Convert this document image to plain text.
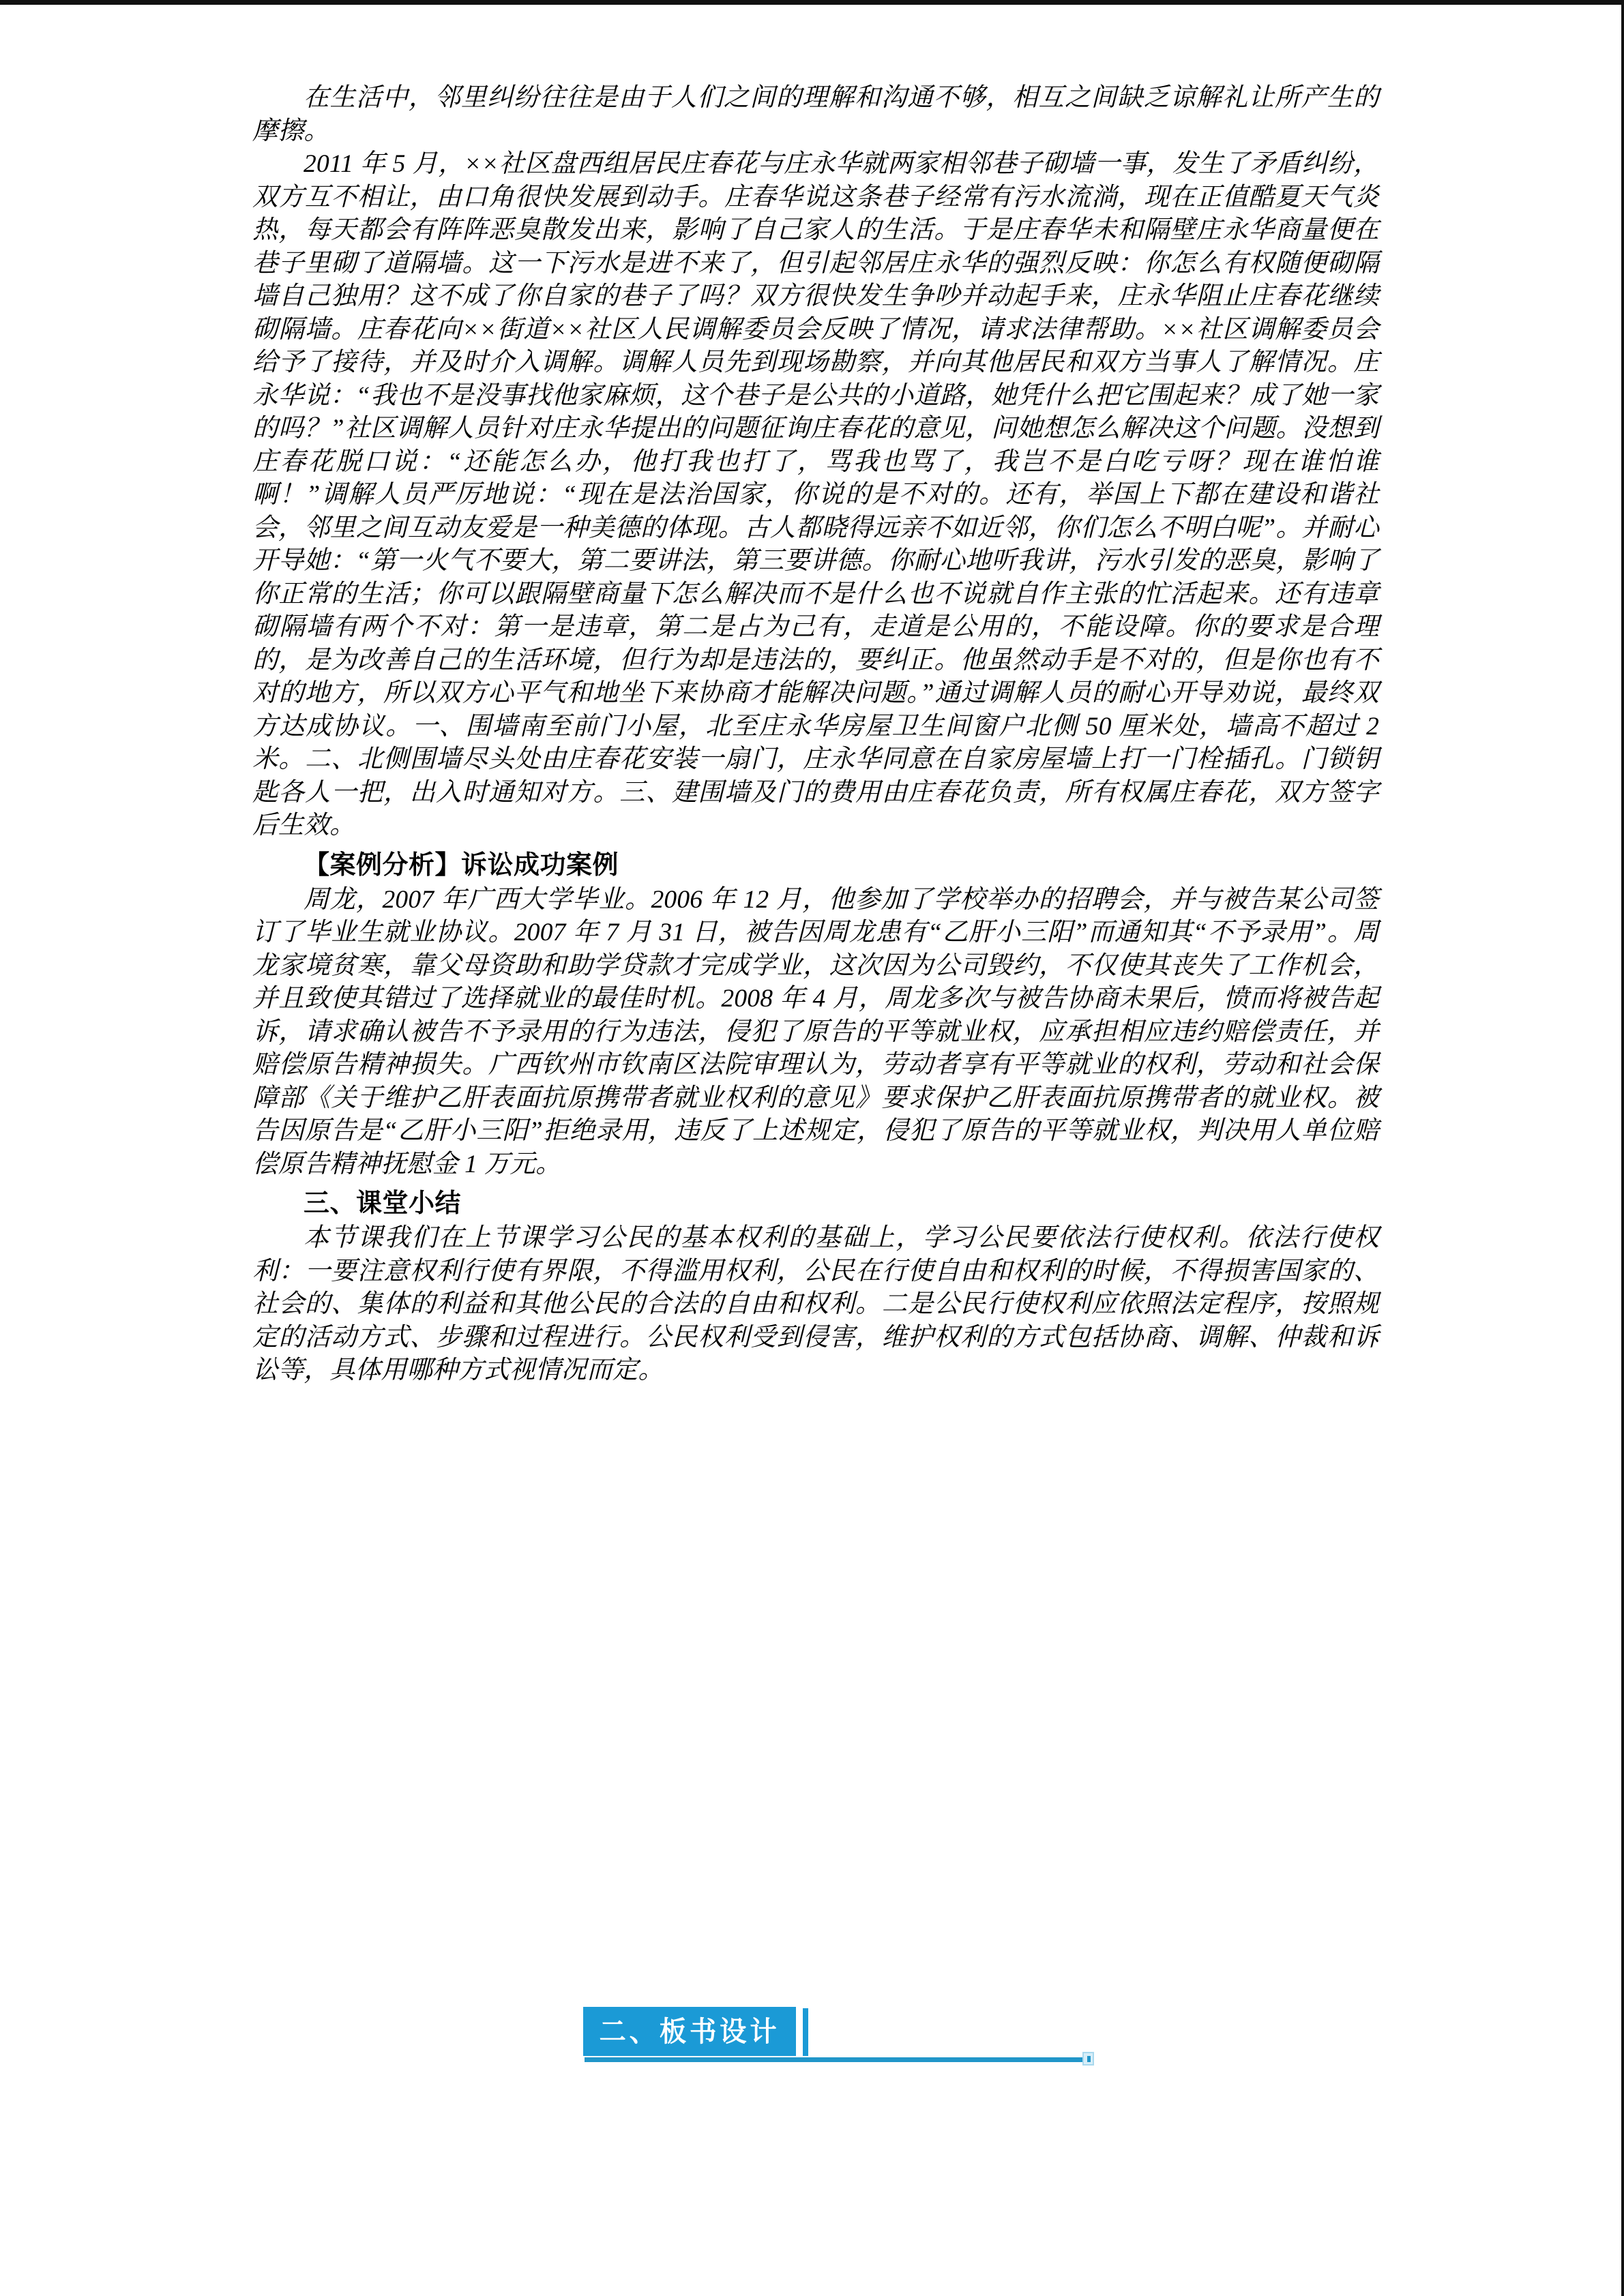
在生活中，邻里纠纷往往是由于人们之间的理解和沟通不够，相互之间缺乏谅解礼让所产生的摩擦。

2011 年 5 月，××社区盘西组居民庄春花与庄永华就两家相邻巷子砌墙一事，发生了矛盾纠纷，双方互不相让，由口角很快发展到动手。庄春华说这条巷子经常有污水流淌，现在正值酷夏天气炎热，每天都会有阵阵恶臭散发出来，影响了自己家人的生活。于是庄春华未和隔壁庄永华商量便在巷子里砌了道隔墙。这一下污水是进不来了，但引起邻居庄永华的强烈反映：你怎么有权随便砌隔墙自己独用？这不成了你自家的巷子了吗？双方很快发生争吵并动起手来，庄永华阻止庄春花继续砌隔墙。庄春花向××街道××社区人民调解委员会反映了情况，请求法律帮助。××社区调解委员会给予了接待，并及时介入调解。调解人员先到现场勘察，并向其他居民和双方当事人了解情况。庄永华说：“我也不是没事找他家麻烦，这个巷子是公共的小道路，她凭什么把它围起来？成了她一家的吗？”社区调解人员针对庄永华提出的问题征询庄春花的意见，问她想怎么解决这个问题。没想到庄春花脱口说：“还能怎么办，他打我也打了，骂我也骂了，我岂不是白吃亏呀？现在谁怕谁啊！”调解人员严厉地说：“现在是法治国家，你说的是不对的。还有，举国上下都在建设和谐社会，邻里之间互动友爱是一种美德的体现。古人都晓得远亲不如近邻，你们怎么不明白呢”。并耐心开导她：“第一火气不要大，第二要讲法，第三要讲德。你耐心地听我讲，污水引发的恶臭，影响了你正常的生活；你可以跟隔壁商量下怎么解决而不是什么也不说就自作主张的忙活起来。还有违章砌隔墙有两个不对：第一是违章，第二是占为己有，走道是公用的，不能设障。你的要求是合理的，是为改善自己的生活环境，但行为却是违法的，要纠正。他虽然动手是不对的，但是你也有不对的地方，所以双方心平气和地坐下来协商才能解决问题。”通过调解人员的耐心开导劝说，最终双方达成协议。一、围墙南至前门小屋，北至庄永华房屋卫生间窗户北侧 50 厘米处，墙高不超过 2 米。二、北侧围墙尽头处由庄春花安装一扇门，庄永华同意在自家房屋墙上打一门栓插孔。门锁钥匙各人一把，出入时通知对方。三、建围墙及门的费用由庄春花负责，所有权属庄春花，双方签字后生效。

【案例分析】诉讼成功案例

周龙，2007 年广西大学毕业。2006 年 12 月，他参加了学校举办的招聘会，并与被告某公司签订了毕业生就业协议。2007 年 7 月 31 日，被告因周龙患有“乙肝小三阳”而通知其“不予录用”。周龙家境贫寒，靠父母资助和助学贷款才完成学业，这次因为公司毁约，不仅使其丧失了工作机会，并且致使其错过了选择就业的最佳时机。2008 年 4 月，周龙多次与被告协商未果后，愤而将被告起诉，请求确认被告不予录用的行为违法，侵犯了原告的平等就业权，应承担相应违约赔偿责任，并赔偿原告精神损失。广西钦州市钦南区法院审理认为，劳动者享有平等就业的权利，劳动和社会保障部《关于维护乙肝表面抗原携带者就业权利的意见》要求保护乙肝表面抗原携带者的就业权。被告因原告是“乙肝小三阳”拒绝录用，违反了上述规定，侵犯了原告的平等就业权，判决用人单位赔偿原告精神抚慰金 1 万元。

三、课堂小结

本节课我们在上节课学习公民的基本权利的基础上，学习公民要依法行使权利。依法行使权利：一要注意权利行使有界限，不得滥用权利，公民在行使自由和权利的时候，不得损害国家的、社会的、集体的利益和其他公民的合法的自由和权利。二是公民行使权利应依照法定程序，按照规定的活动方式、步骤和过程进行。公民权利受到侵害，维护权利的方式包括协商、调解、仲裁和诉讼等，具体用哪种方式视情况而定。

二、板书设计
